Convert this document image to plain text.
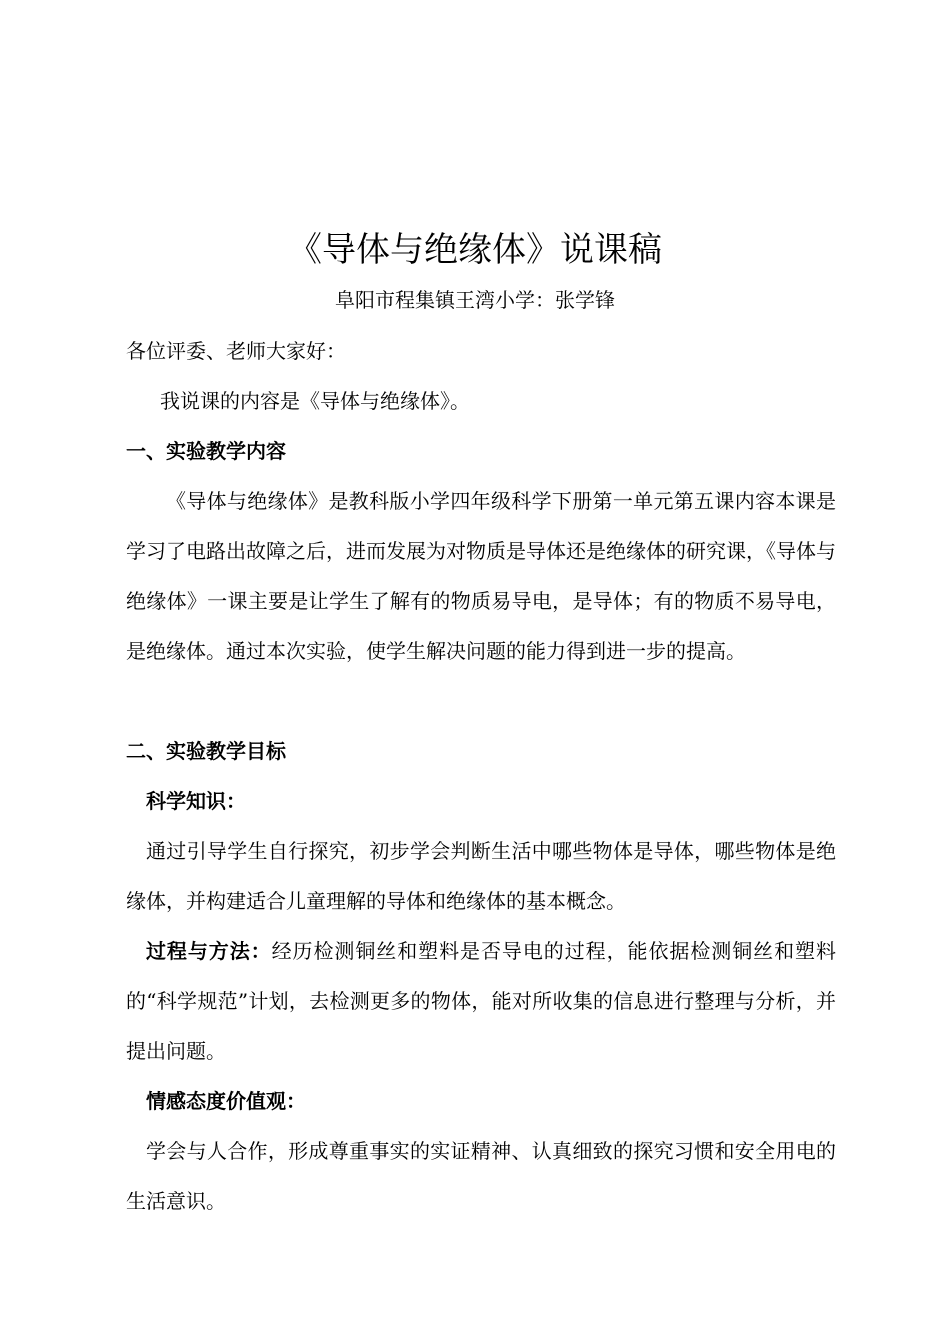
《导体与绝缘体》说课稿

阜阳市程集镇王湾小学：张学锋

各位评委、老师大家好：

我说课的内容是《导体与绝缘体》。

一、实验教学内容

《导体与绝缘体》是教科版小学四年级科学下册第一单元第五课内容本课是学习了电路出故障之后，进而发展为对物质是导体还是绝缘体的研究课，《导体与绝缘体》一课主要是让学生了解有的物质易导电，是导体；有的物质不易导电，是绝缘体。通过本次实验，使学生解决问题的能力得到进一步的提高。

二、实验教学目标

科学知识：

通过引导学生自行探究，初步学会判断生活中哪些物体是导体，哪些物体是绝缘体，并构建适合儿童理解的导体和绝缘体的基本概念。

过程与方法：经历检测铜丝和塑料是否导电的过程，能依据检测铜丝和塑料的“科学规范”计划，去检测更多的物体，能对所收集的信息进行整理与分析，并提出问题。

情感态度价值观：

学会与人合作，形成尊重事实的实证精神、认真细致的探究习惯和安全用电的生活意识。
